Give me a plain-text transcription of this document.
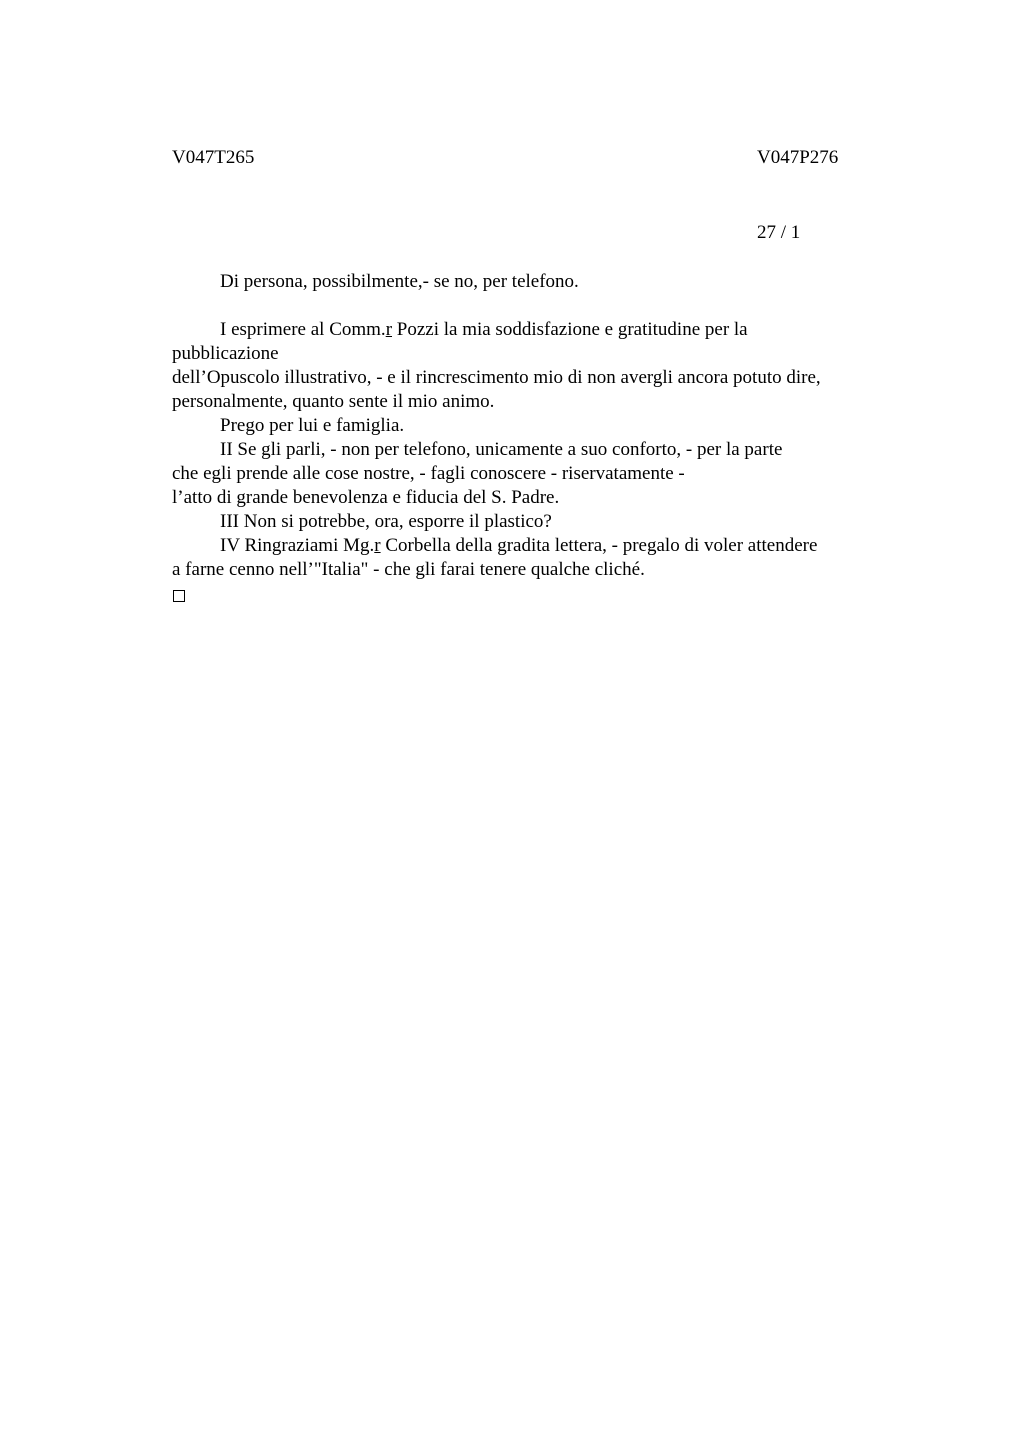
V047T265	V047P276
27 / 1
Di persona, possibilmente,- se no, per telefono.
I esprimere al Comm.r Pozzi la mia soddisfazione e gratitudine per la
pubblicazione
dell’Opuscolo illustrativo, - e il rincrescimento mio di non avergli ancora potuto dire,
personalmente, quanto sente il mio animo.
Prego per lui e famiglia.
II Se gli parli, - non per telefono, unicamente a suo conforto, - per la parte
che egli prende alle cose nostre, - fagli conoscere - riservatamente -
l’atto di grande benevolenza e fiducia del S. Padre.
III Non si potrebbe, ora, esporre il plastico?
IV Ringraziami Mg.r Corbella della gradita lettera, - pregalo di voler attendere
a farne cenno nell’"Italia" - che gli farai tenere qualche cliché.
